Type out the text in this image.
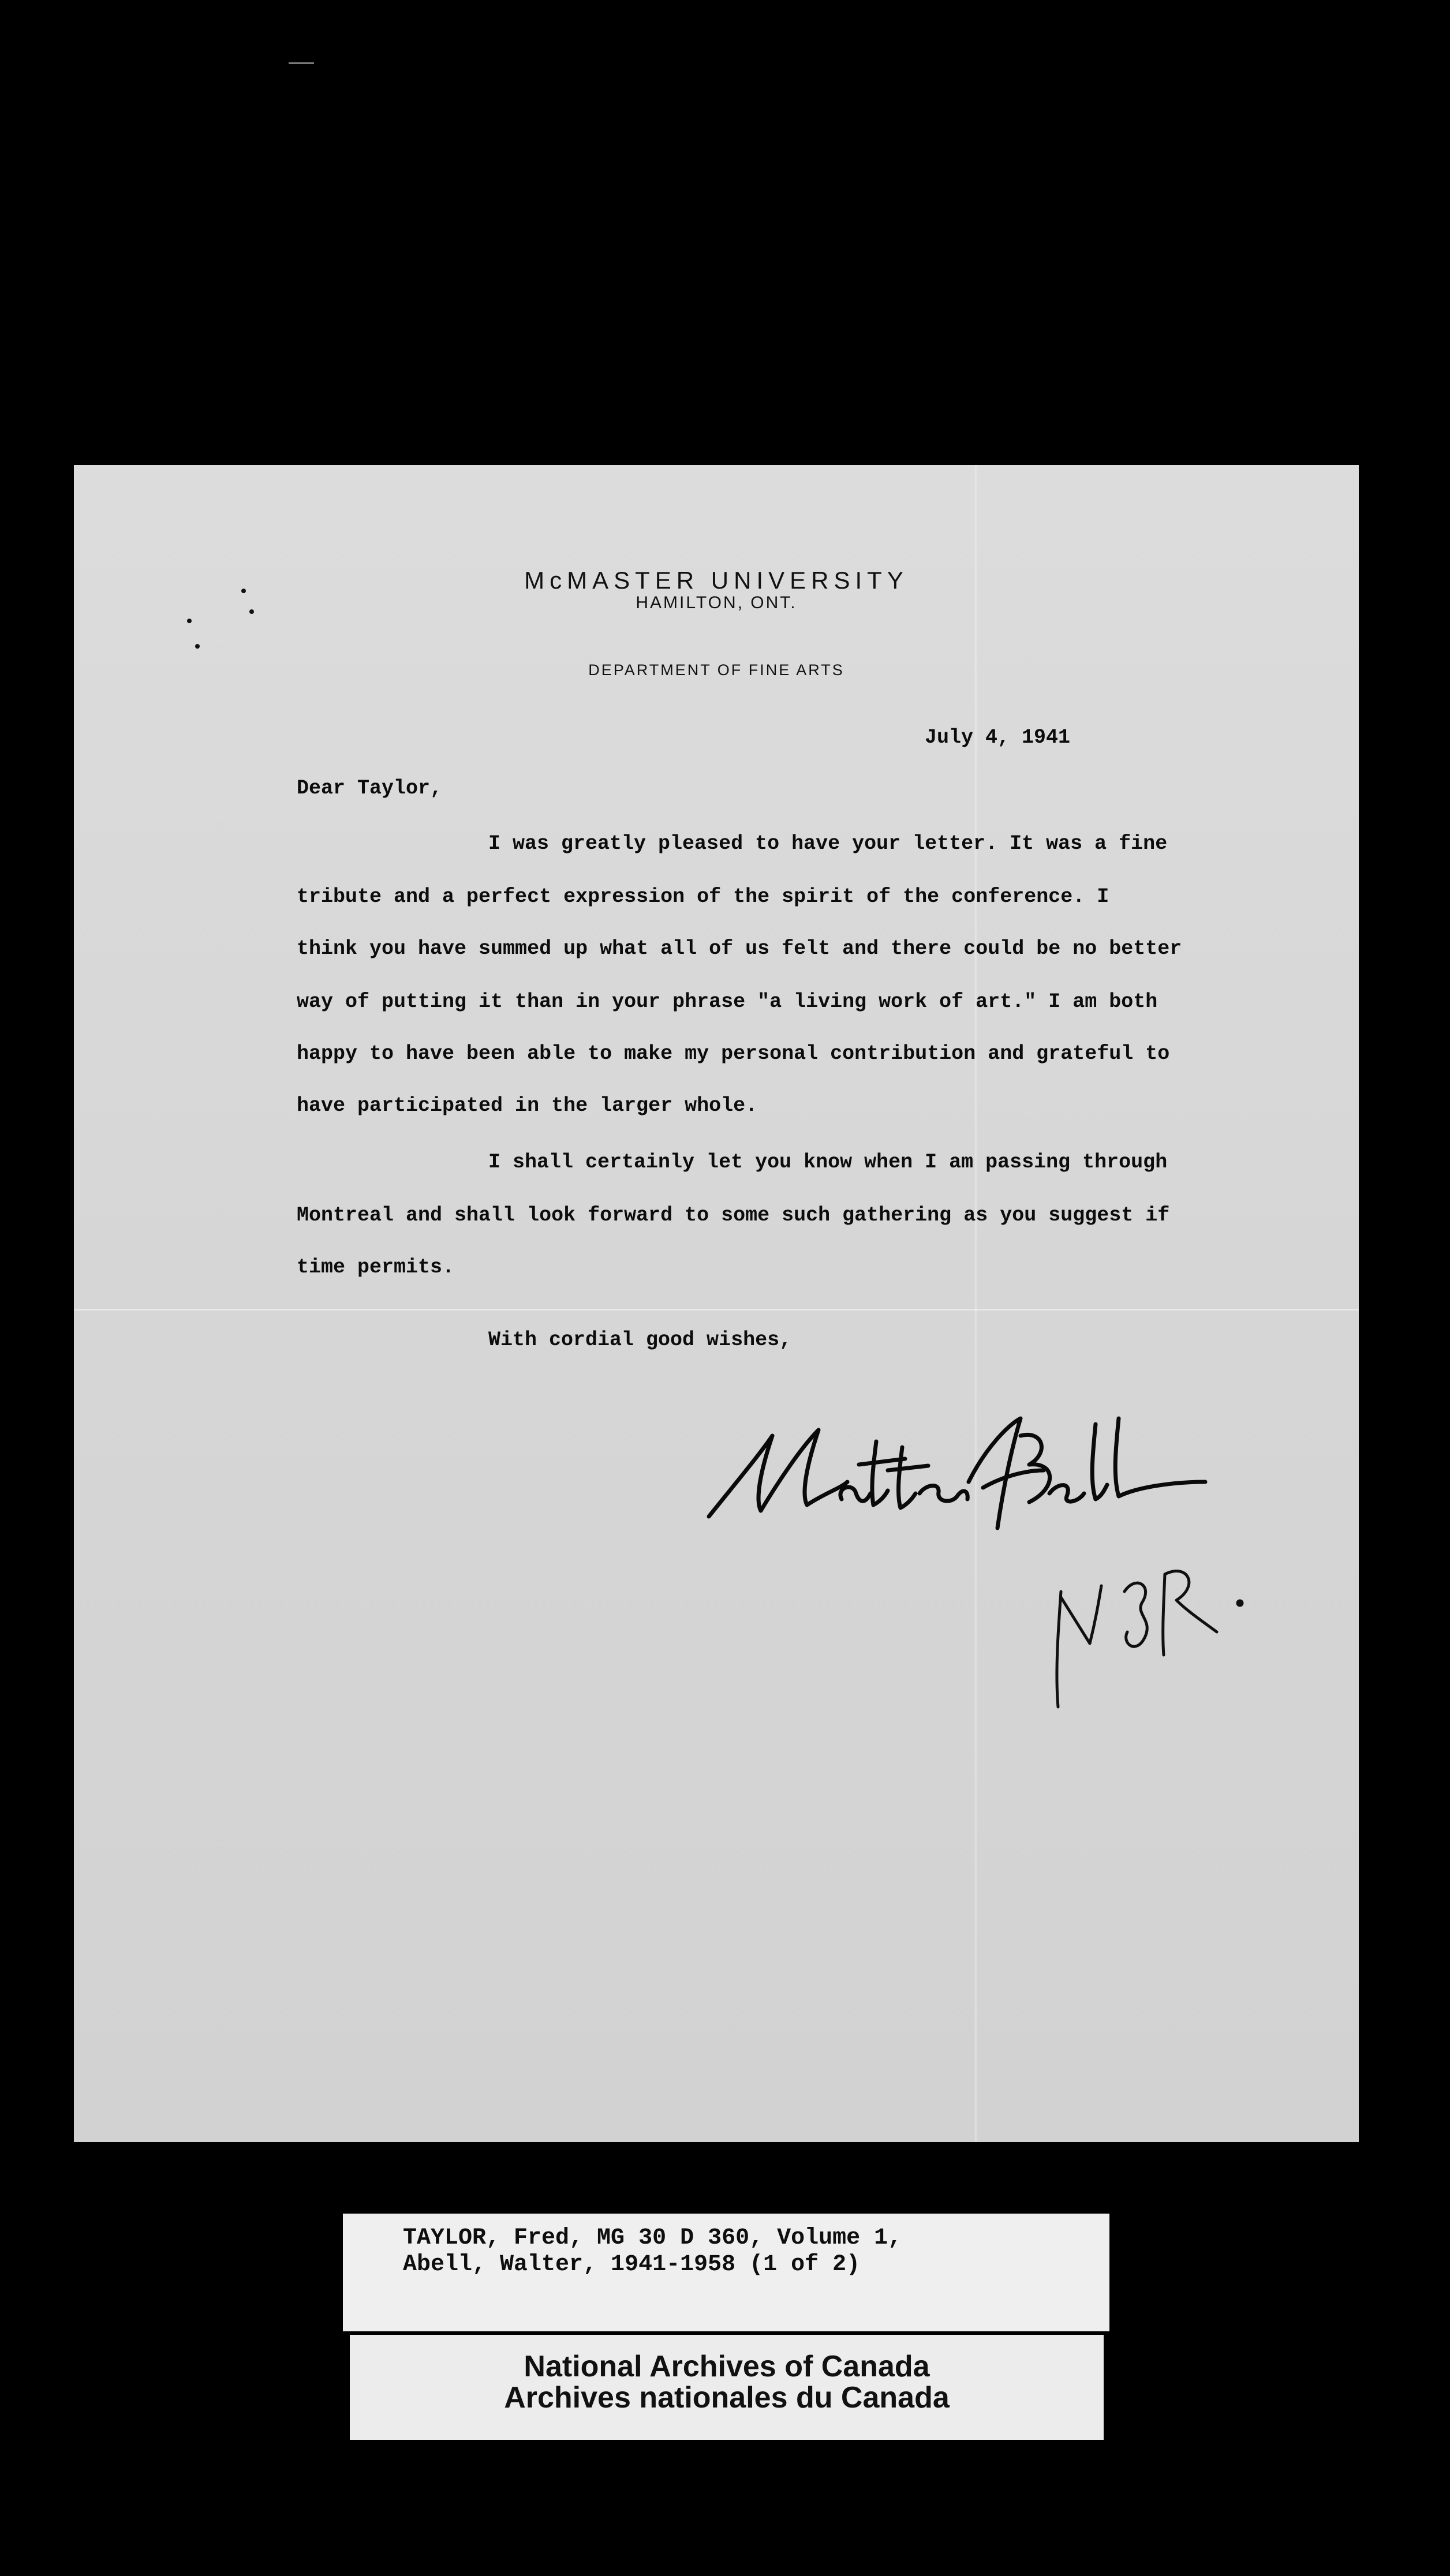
McMASTER UNIVERSITY
HAMILTON, ONT.
DEPARTMENT OF FINE ARTS
July 4, 1941
Dear Taylor,
I was greatly pleased to have your letter. It was a fine
tribute and a perfect expression of the spirit of the conference. I
think you have summed up what all of us felt and there could be no better
way of putting it than in your phrase "a living work of art." I am both
happy to have been able to make my personal contribution and grateful to
have participated in the larger whole.
I shall certainly let you know when I am passing through
Montreal and shall look forward to some such gathering as you suggest if
time permits.
With cordial good wishes,
TAYLOR, Fred, MG 30 D 360, Volume 1,
Abell, Walter, 1941-1958 (1 of 2)
National Archives of Canada
Archives nationales du Canada
